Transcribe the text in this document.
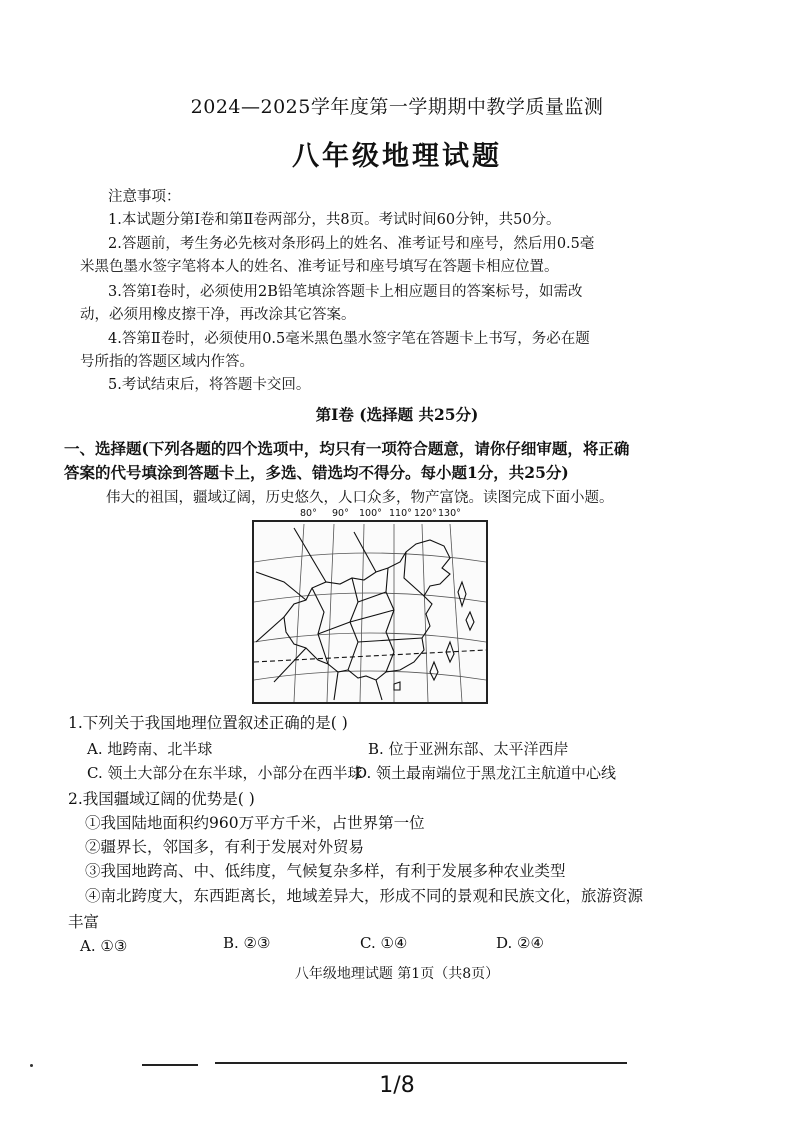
2024—2025学年度第一学期期中教学质量监测
八年级地理试题
注意事项：
1.本试题分第Ⅰ卷和第Ⅱ卷两部分，共8页。考试时间60分钟，共50分。
2.答题前，考生务必先核对条形码上的姓名、准考证号和座号，然后用0.5毫
米黑色墨水签字笔将本人的姓名、准考证号和座号填写在答题卡相应位置。
3.答第Ⅰ卷时，必须使用2B铅笔填涂答题卡上相应题目的答案标号，如需改
动，必须用橡皮擦干净，再改涂其它答案。
4.答第Ⅱ卷时，必须使用0.5毫米黑色墨水签字笔在答题卡上书写，务必在题
号所指的答题区域内作答。
5.考试结束后，将答题卡交回。
第Ⅰ卷 (选择题 共25分)
一、选择题(下列各题的四个选项中，均只有一项符合题意，请你仔细审题，将正确
答案的代号填涂到答题卡上，多选、错选均不得分。每小题1分，共25分)
伟大的祖国，疆域辽阔，历史悠久，人口众多，物产富饶。读图完成下面小题。
80° 90° 100° 110° 120° 130°
1.下列关于我国地理位置叙述正确的是( )
A. 地跨南、北半球	B. 位于亚洲东部、太平洋西岸
C. 领土大部分在东半球，小部分在西半球
D. 领土最南端位于黑龙江主航道中心线
2.我国疆域辽阔的优势是( )
①我国陆地面积约960万平方千米，占世界第一位
②疆界长，邻国多，有利于发展对外贸易
③我国地跨高、中、低纬度，气候复杂多样，有利于发展多种农业类型
④南北跨度大，东西距离长，地域差异大，形成不同的景观和民族文化，旅游资源
丰富
A. ①③	B. ②③	C. ①④	D. ②④
八年级地理试题 第1页（共8页）
1/8
